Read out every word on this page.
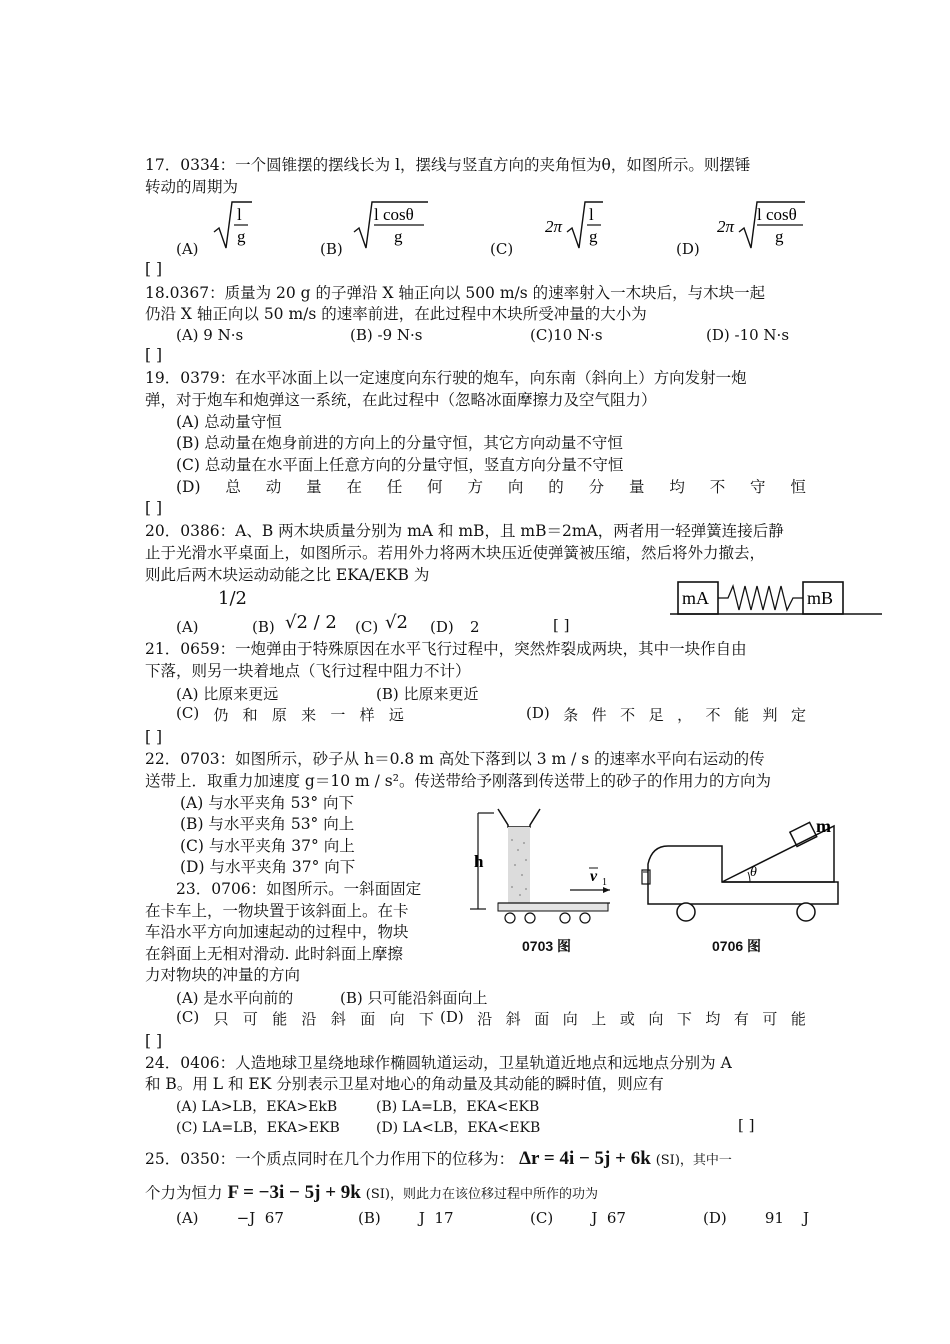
17．0334：一个圆锥摆的摆线长为 l，摆线与竖直方向的夹角恒为θ，如图所示。则摆锤
转动的周期为
(A)
l
g
(B)
l cosθ
g
(C)
2π
l
g
(D)
2π
l cosθ
g
[ ]
18.0367：质量为 20 g 的子弹沿 X 轴正向以 500 m/s 的速率射入一木块后，与木块一起
仍沿 X 轴正向以 50 m/s 的速率前进，在此过程中木块所受冲量的大小为
(A) 9 N·s	(B) -9 N·s	(C)10 N·s	(D) -10 N·s
[ ]
19．0379：在水平冰面上以一定速度向东行驶的炮车，向东南（斜向上）方向发射一炮
弹，对于炮车和炮弹这一系统，在此过程中（忽略冰面摩擦力及空气阻力）
(A) 总动量守恒
(B) 总动量在炮身前进的方向上的分量守恒，其它方向动量不守恒
(C) 总动量在水平面上任意方向的分量守恒，竖直方向分量不守恒
(D) 总 动 量 在 任 何 方 向 的 分 量 均 不 守 恒
[ ]
20．0386：A、B 两木块质量分别为 mA 和 mB，且 mB＝2mA，两者用一轻弹簧连接后静
止于光滑水平桌面上，如图所示。若用外力将两木块压近使弹簧被压缩，然后将外力撤去，
则此后两木块运动动能之比 EKA/EKB 为
(A)
1/2
(B) √2 / 2 (C) √2 (D) 2	[ ]
mA	mB
21．0659：一炮弹由于特殊原因在水平飞行过程中，突然炸裂成两块，其中一块作自由
下落，则另一块着地点（飞行过程中阻力不计）
(A) 比原来更远	(B) 比原来更近
(C) 仍 和 原 来 一 样 远	(D) 条 件 不 足 ， 不 能 判 定
[ ]
22．0703：如图所示，砂子从 h＝0.8 m 高处下落到以 3 m / s 的速率水平向右运动的传
送带上．取重力加速度 g＝10 m / s²。传送带给予刚落到传送带上的砂子的作用力的方向为
(A) 与水平夹角 53° 向下
(B) 与水平夹角 53° 向上
(C) 与水平夹角 37° 向上
(D) 与水平夹角 37° 向下
23．0706：如图所示。一斜面固定
在卡车上，一物块置于该斜面上。在卡
车沿水平方向加速起动的过程中，物块
在斜面上无相对滑动. 此时斜面上摩擦
力对物块的冲量的方向
(A) 是水平向前的	(B) 只可能沿斜面向上
(C) 只 可 能 沿 斜 面 向 下 (D) 沿 斜 面 向 上 或 向 下 均 有 可 能
[ ]
h
v 1
0703 图
θ
m
0706 图
24．0406：人造地球卫星绕地球作椭圆轨道运动，卫星轨道近地点和远地点分别为 A
和 B。用 L 和 EK 分别表示卫星对地心的角动量及其动能的瞬时值，则应有
(A) LA>LB，EKA>EkB	(B) LA=LB，EKA<EKB
(C) LA=LB，EKA>EKB	(D) LA<LB，EKA<EKB	[ ]
25．0350：一个质点同时在几个力作用下的位移为： Δr = 4i − 5j + 6k (SI)，其中一
个力为恒力 F = −3i − 5j + 9k (SI)，则此力在该位移过程中所作的功为
(A)        −J  67	(B)        J  17	(C)        J  67	(D)        91    J
